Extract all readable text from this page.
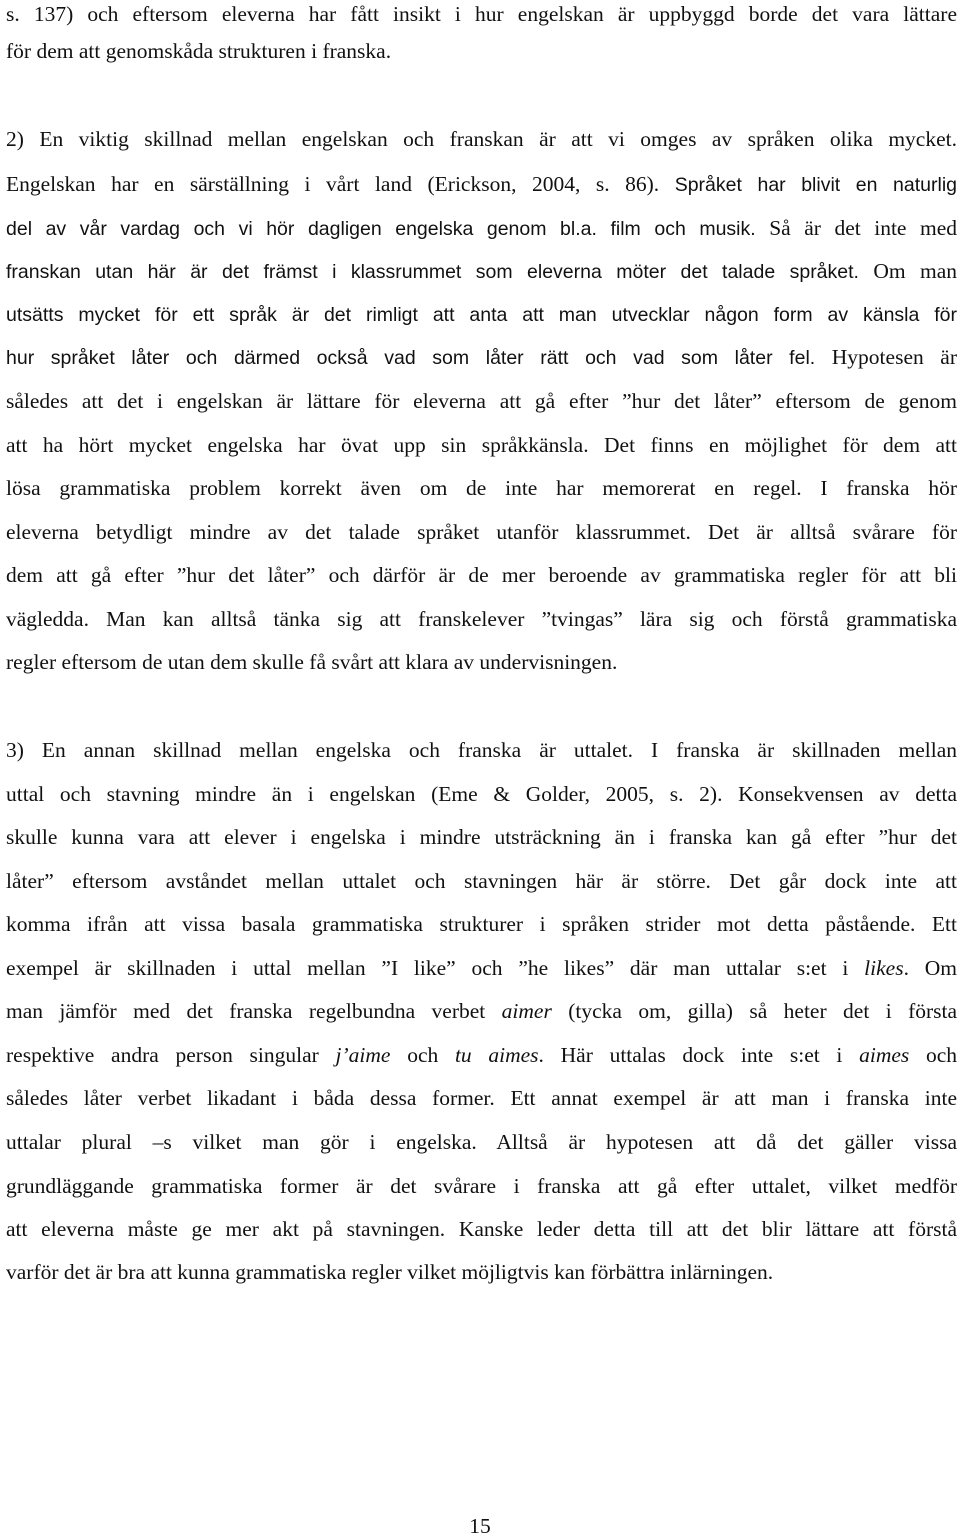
s. 137) och eftersom eleverna har fått insikt i hur engelskan är uppbyggd borde det vara lättare
för dem att genomskåda strukturen i franska.
2) En viktig skillnad mellan engelskan och franskan är att vi omges av språken olika mycket.
Engelskan har en särställning i vårt land (Erickson, 2004, s. 86). Språket har blivit en naturlig
del av vår vardag och vi hör dagligen engelska genom bl.a. film och musik. Så är det inte med
franskan utan här är det främst i klassrummet som eleverna möter det talade språket. Om man
utsätts mycket för ett språk är det rimligt att anta att man utvecklar någon form av känsla för
hur språket låter och därmed också vad som låter rätt och vad som låter fel. Hypotesen är
således att det i engelskan är lättare för eleverna att gå efter ”hur det låter” eftersom de genom
att ha hört mycket engelska har övat upp sin språkkänsla. Det finns en möjlighet för dem att
lösa grammatiska problem korrekt även om de inte har memorerat en regel. I franska hör
eleverna betydligt mindre av det talade språket utanför klassrummet. Det är alltså svårare för
dem att gå efter ”hur det låter” och därför är de mer beroende av grammatiska regler för att bli
vägledda. Man kan alltså tänka sig att franskelever ”tvingas” lära sig och förstå grammatiska
regler eftersom de utan dem skulle få svårt att klara av undervisningen.
3) En annan skillnad mellan engelska och franska är uttalet. I franska är skillnaden mellan
uttal och stavning mindre än i engelskan (Eme & Golder, 2005, s. 2). Konsekvensen av detta
skulle kunna vara att elever i engelska i mindre utsträckning än i franska kan gå efter ”hur det
låter” eftersom avståndet mellan uttalet och stavningen här är större. Det går dock inte att
komma ifrån att vissa basala grammatiska strukturer i språken strider mot detta påstående. Ett
exempel är skillnaden i uttal mellan ”I like” och ”he likes” där man uttalar s:et i likes. Om
man jämför med det franska regelbundna verbet aimer (tycka om, gilla) så heter det i första
respektive andra person singular j’aime och tu aimes. Här uttalas dock inte s:et i aimes och
således låter verbet likadant i båda dessa former. Ett annat exempel är att man i franska inte
uttalar plural –s vilket man gör i engelska. Alltså är hypotesen att då det gäller vissa
grundläggande grammatiska former är det svårare i franska att gå efter uttalet, vilket medför
att eleverna måste ge mer akt på stavningen. Kanske leder detta till att det blir lättare att förstå
varför det är bra att kunna grammatiska regler vilket möjligtvis kan förbättra inlärningen.
15
